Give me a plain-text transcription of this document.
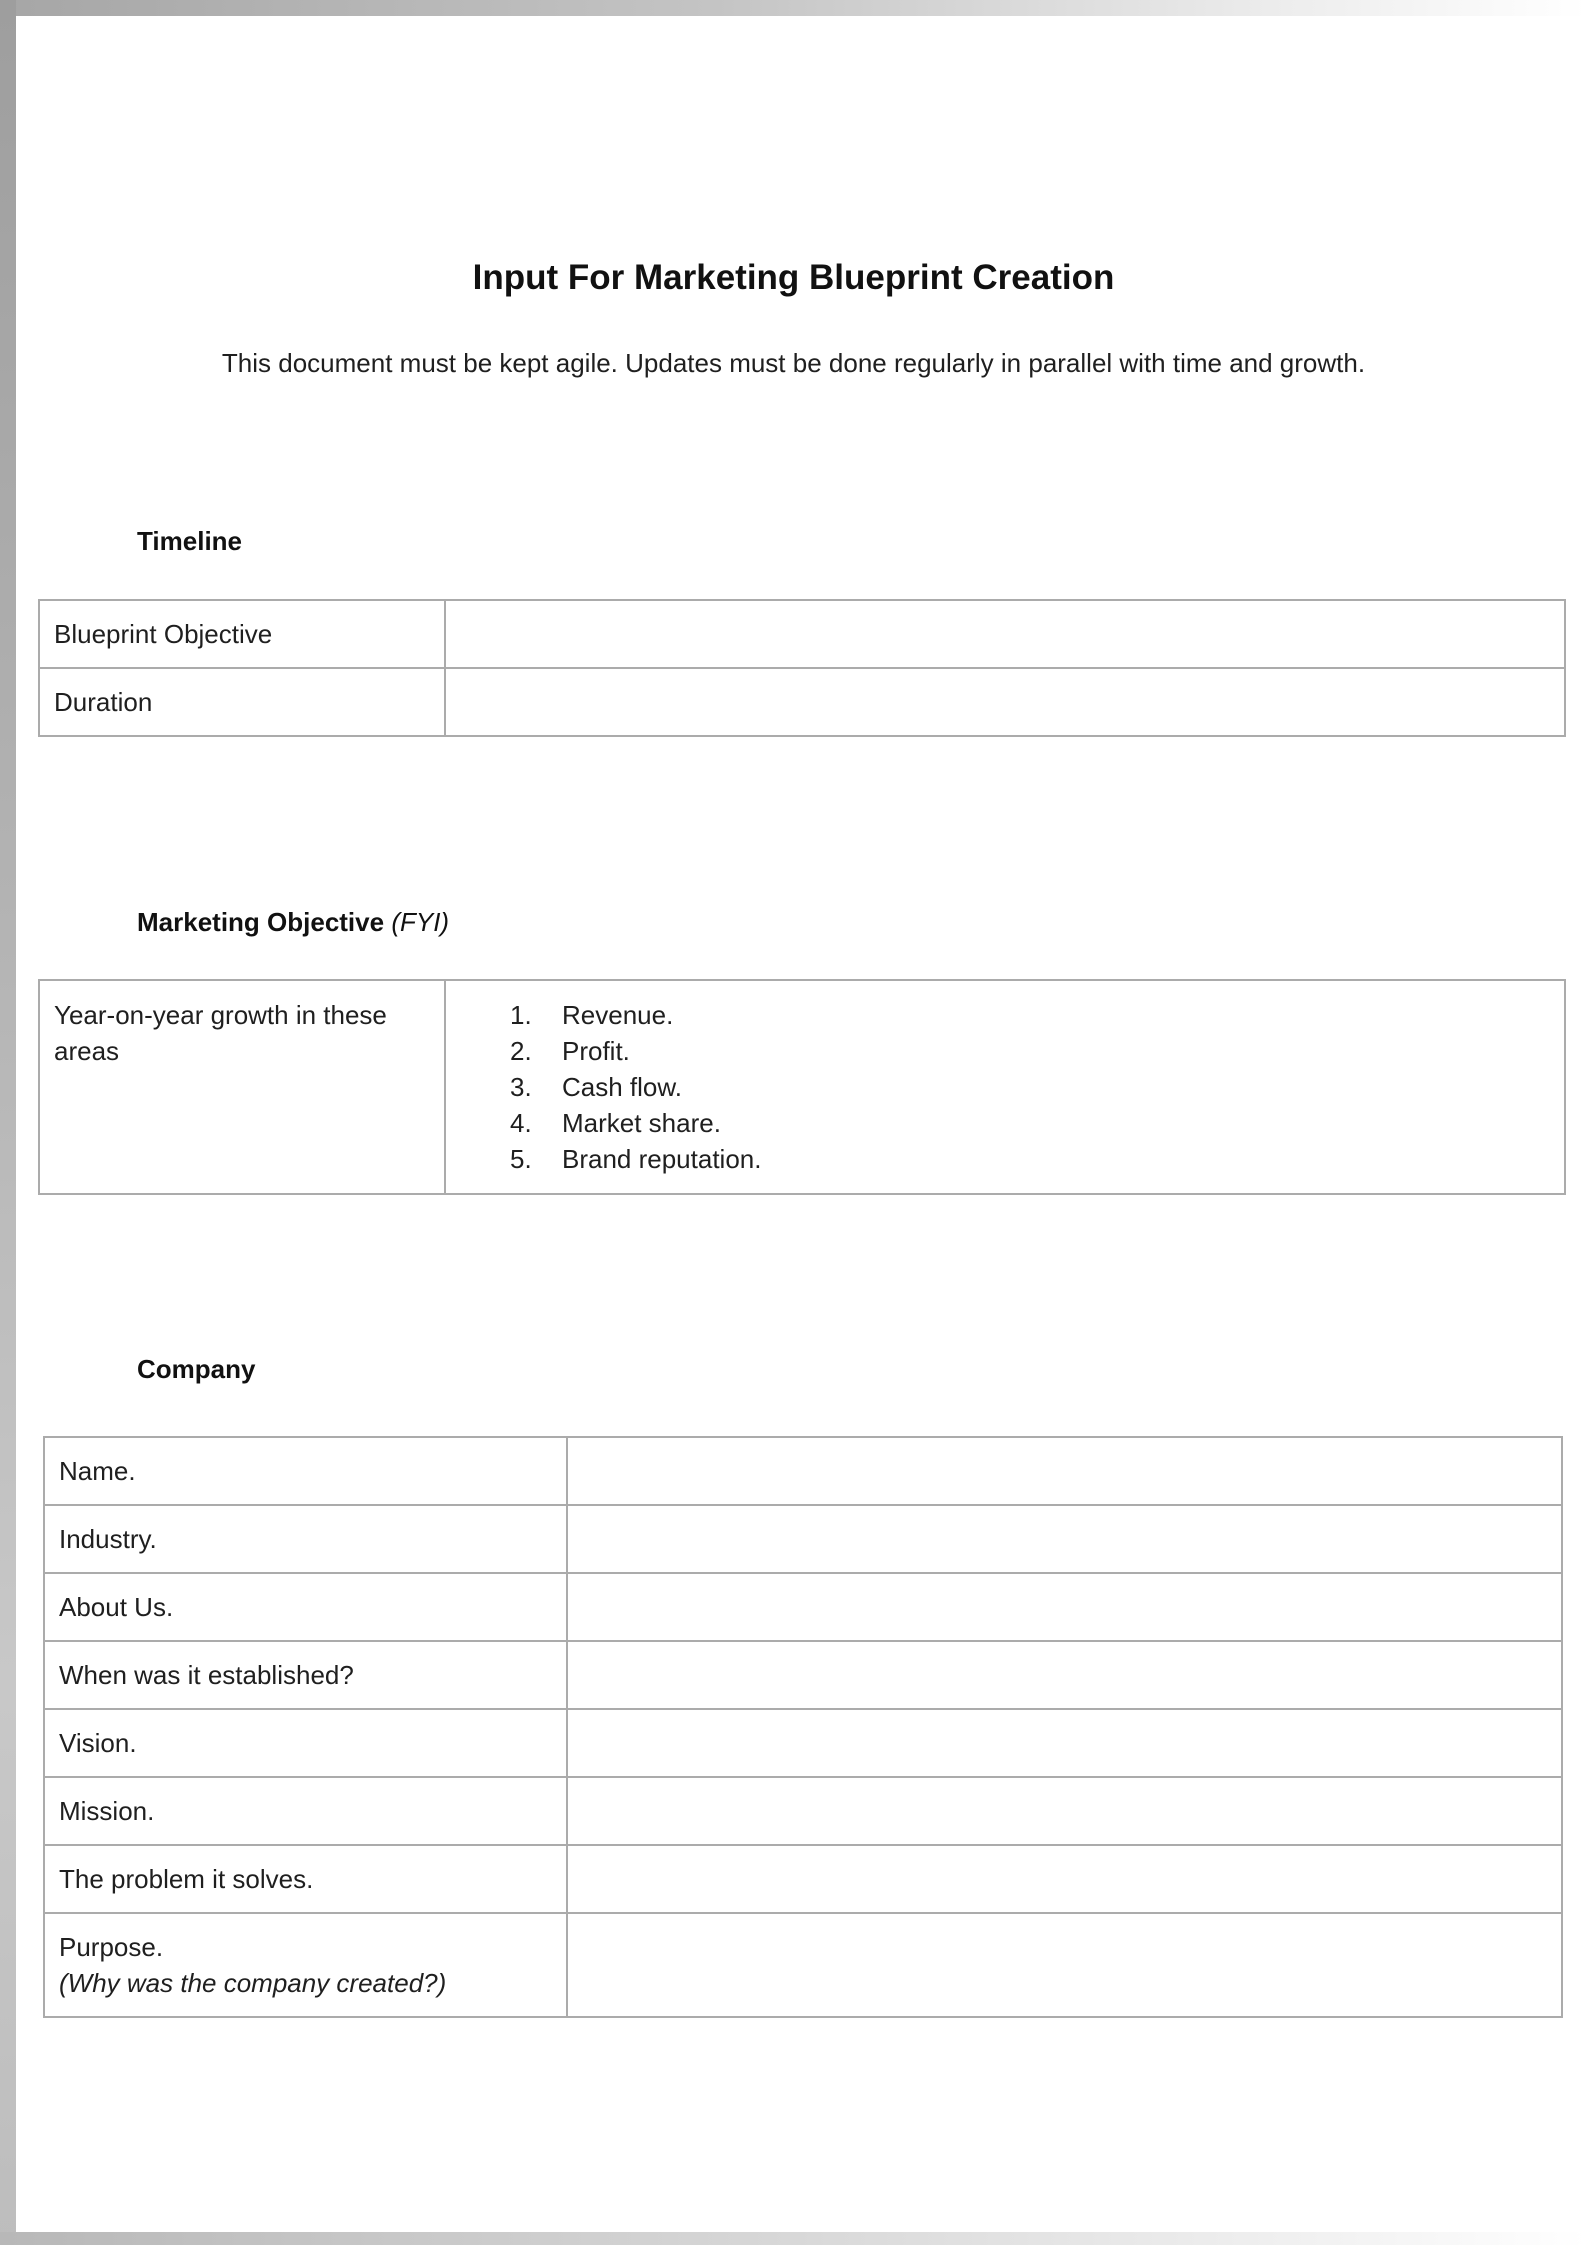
Input For Marketing Blueprint Creation
This document must be kept agile. Updates must be done regularly in parallel with time and growth.
Timeline
Blueprint Objective	
Duration	
Marketing Objective (FYI)
Year-on-year growth in these areas	
1.	Revenue.
2.	Profit.
3.	Cash flow.
4.	Market share.
5.	Brand reputation.
Company
Name.	
Industry.	
About Us.	
When was it established?	
Vision.	
Mission.	
The problem it solves.	

Purpose.
(Why was the company created?)	
